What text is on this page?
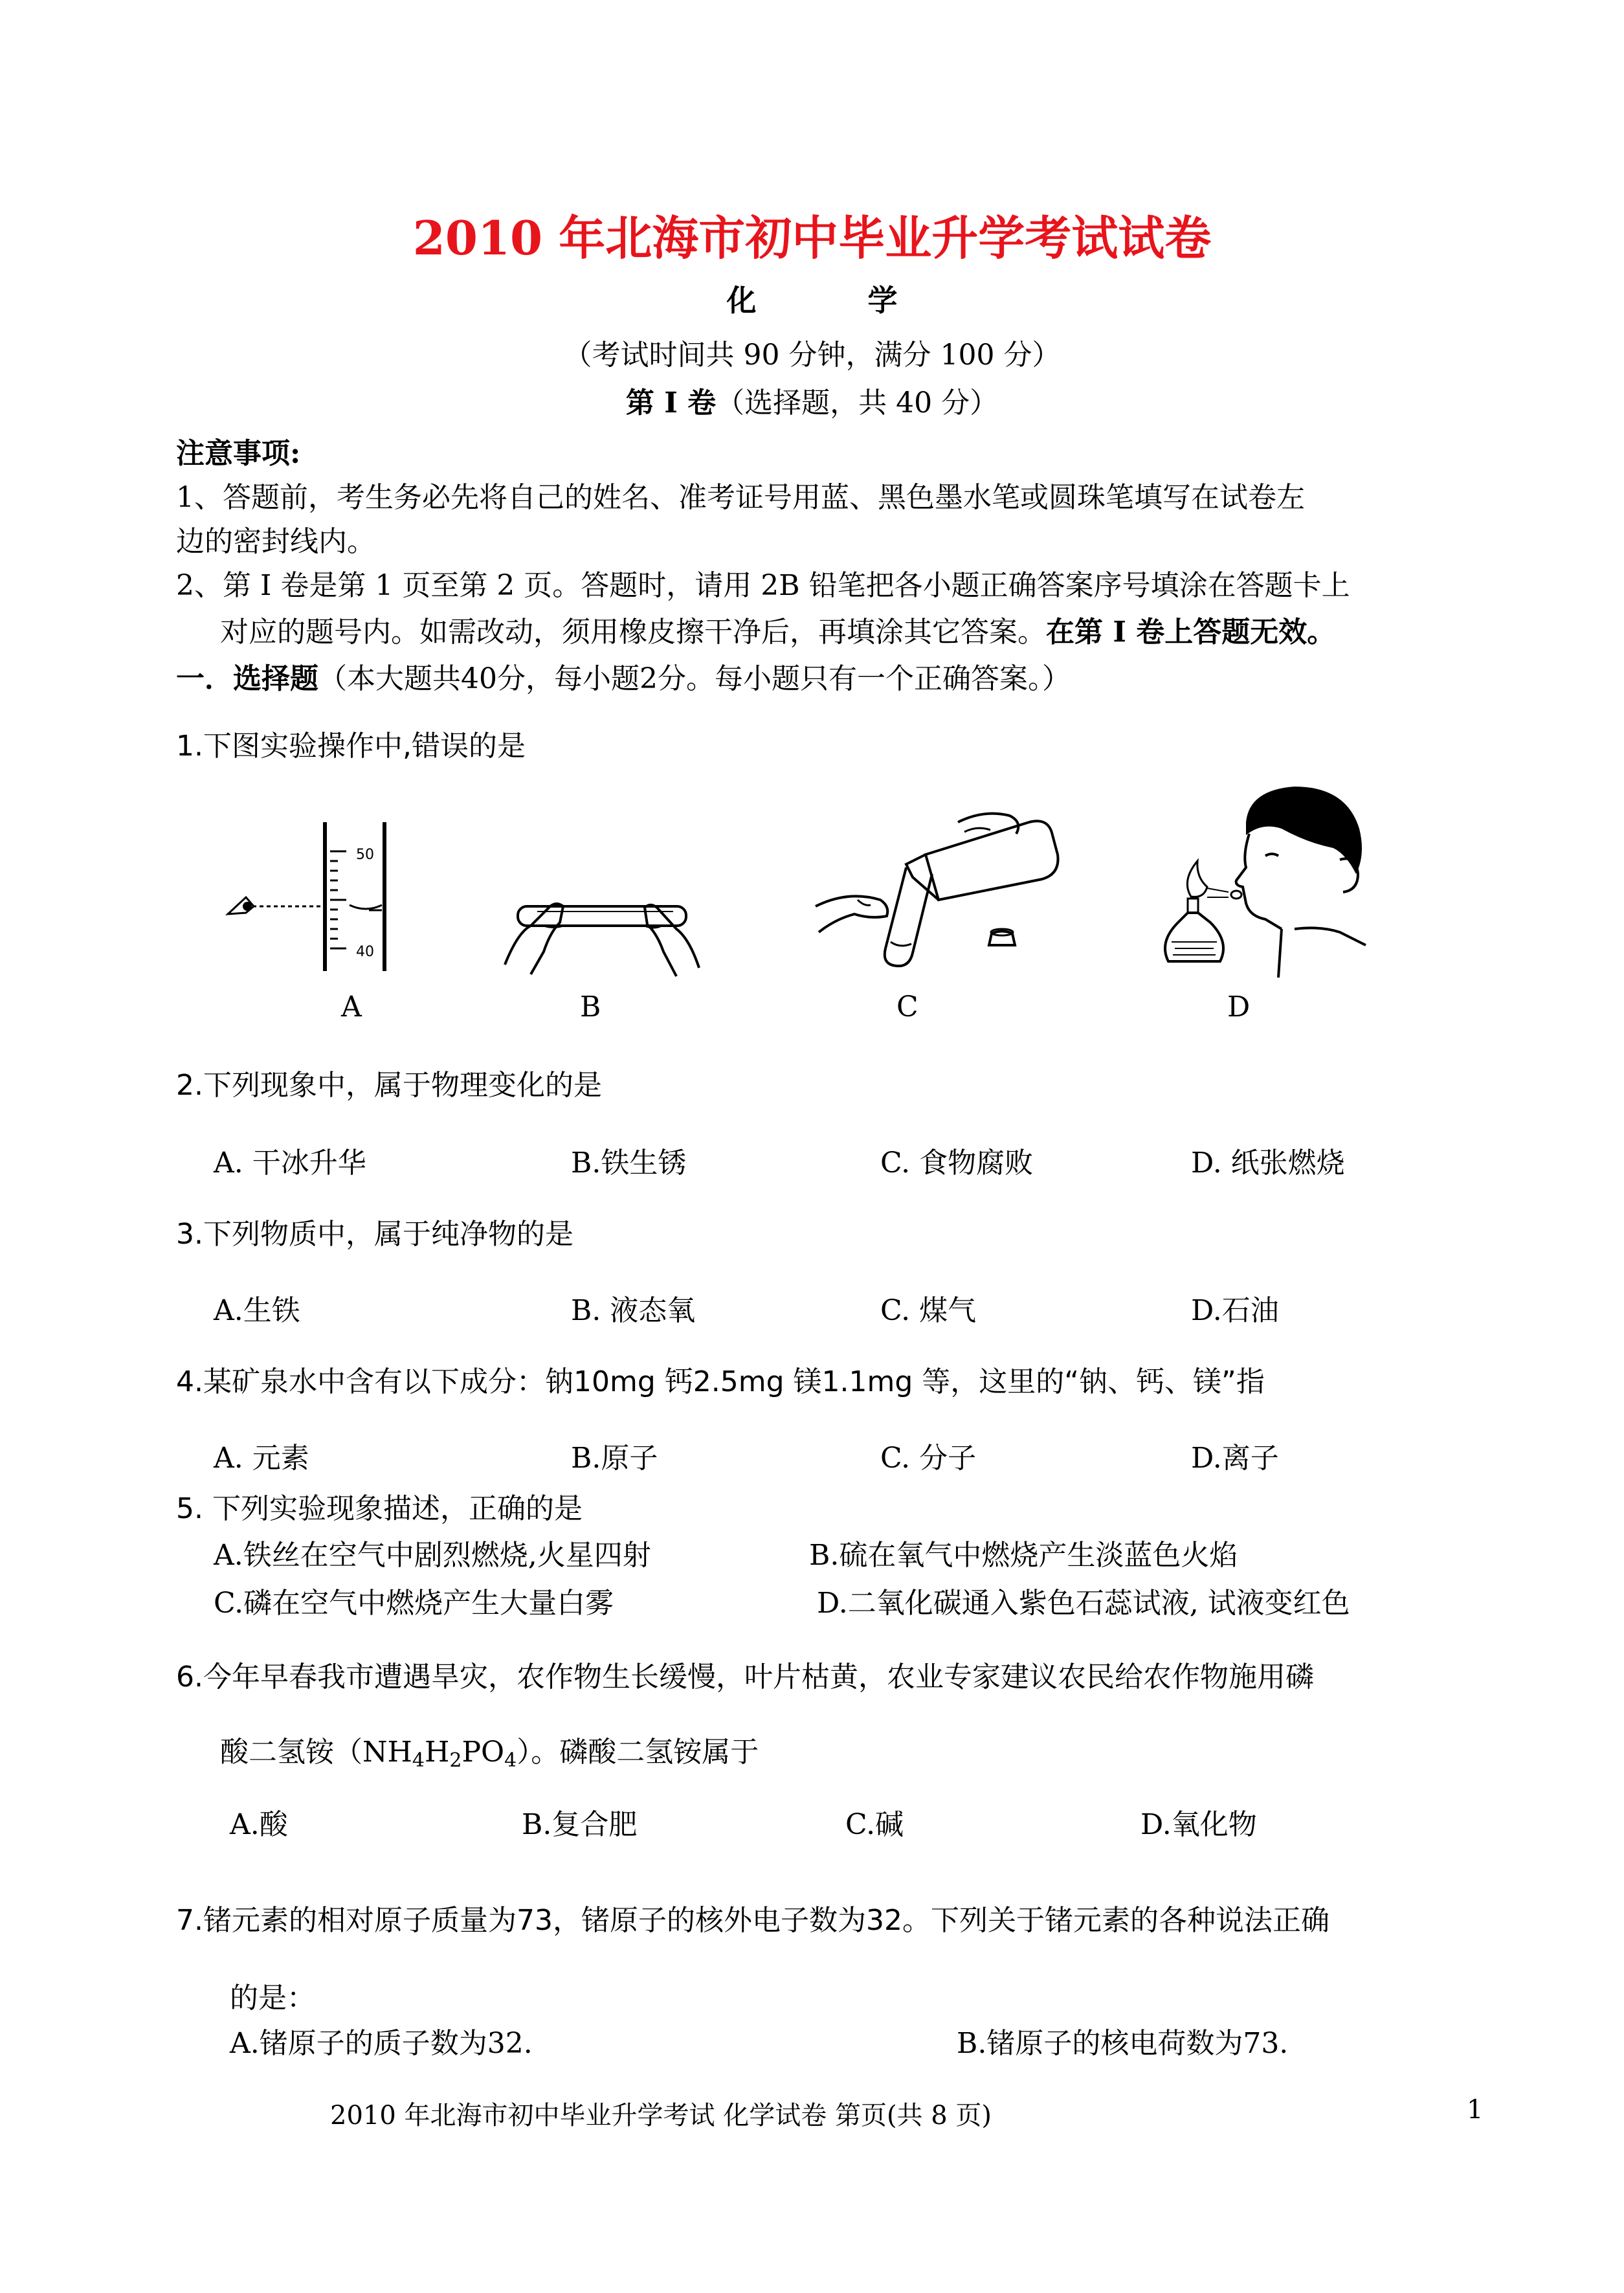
2010 年北海市初中毕业升学考试试卷
化 学
（考试时间共 90 分钟，满分 100 分）
第 I 卷（选择题，共 40 分）
注意事项:
1、答题前，考生务必先将自己的姓名、准考证号用蓝、黑色墨水笔或圆珠笔填写在试卷左
边的密封线内。
2、第 I 卷是第 1 页至第 2 页。答题时，请用 2B 铅笔把各小题正确答案序号填涂在答题卡上
对应的题号内。如需改动，须用橡皮擦干净后，再填涂其它答案。在第 I 卷上答题无效。
一．选择题（本大题共40分，每小题2分。每小题只有一个正确答案。）
1.下图实验操作中,错误的是
50
40
A	B	C	D
2.下列现象中，属于物理变化的是
A. 干冰升华	B.铁生锈	C. 食物腐败	D. 纸张燃烧
3.下列物质中，属于纯净物的是
A.生铁	B. 液态氧	C. 煤气	D.石油
4.某矿泉水中含有以下成分：钠10mg 钙2.5mg 镁1.1mg 等，这里的“钠、钙、镁”指
A. 元素	B.原子	C. 分子	D.离子
5. 下列实验现象描述，正确的是
A.铁丝在空气中剧烈燃烧,火星四射	B.硫在氧气中燃烧产生淡蓝色火焰
C.磷在空气中燃烧产生大量白雾	D.二氧化碳通入紫色石蕊试液, 试液变红色
6.今年早春我市遭遇旱灾，农作物生长缓慢，叶片枯黄，农业专家建议农民给农作物施用磷
酸二氢铵$(NH_4H_2PO_4)$。磷酸二氢铵属于
A.酸	B.复合肥	C.碱	D.氧化物
7.锗元素的相对原子质量为73，锗原子的核外电子数为32。下列关于锗元素的各种说法正确
的是：
A.锗原子的质子数为32.	B.锗原子的核电荷数为73.
2010 年北海市初中毕业升学考试 化学试卷 第页(共 8 页)	1
